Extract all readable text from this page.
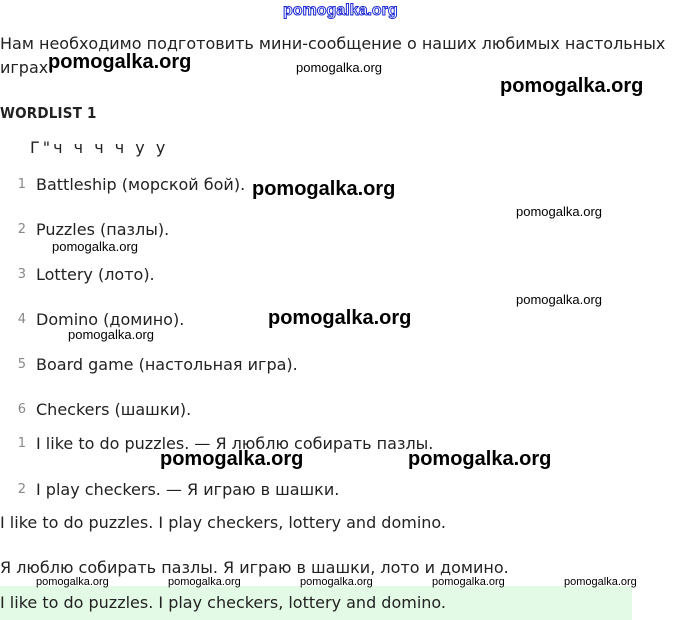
pomogalka.org

Нам необходимо подготовить мини-сообщение о наших любимых настольных играх.

WORDLIST 1
Г"ч ч ч ч у у
1 Battleship (морской бой).
2 Puzzles (пазлы).
3 Lottery (лото).
4 Domino (домино).
5 Board game (настольная игра).
6 Checkers (шашки).
1 I like to do puzzles. — Я люблю собирать пазлы.
2 I play checkers. — Я играю в шашки.

I like to do puzzles. I play checkers, lottery and domino.

Я люблю собирать пазлы. Я играю в шашки, лото и домино.

I like to do puzzles. I play checkers, lottery and domino.

pomogalka.org	pomogalka.org
pomogalka.org
pomogalka.org
pomogalka.org
pomogalka.org
pomogalka.org
pomogalka.org
pomogalka.org
pomogalka.org	pomogalka.org
pomogalka.org	pomogalka.org	pomogalka.org	pomogalka.org	pomogalka.org
